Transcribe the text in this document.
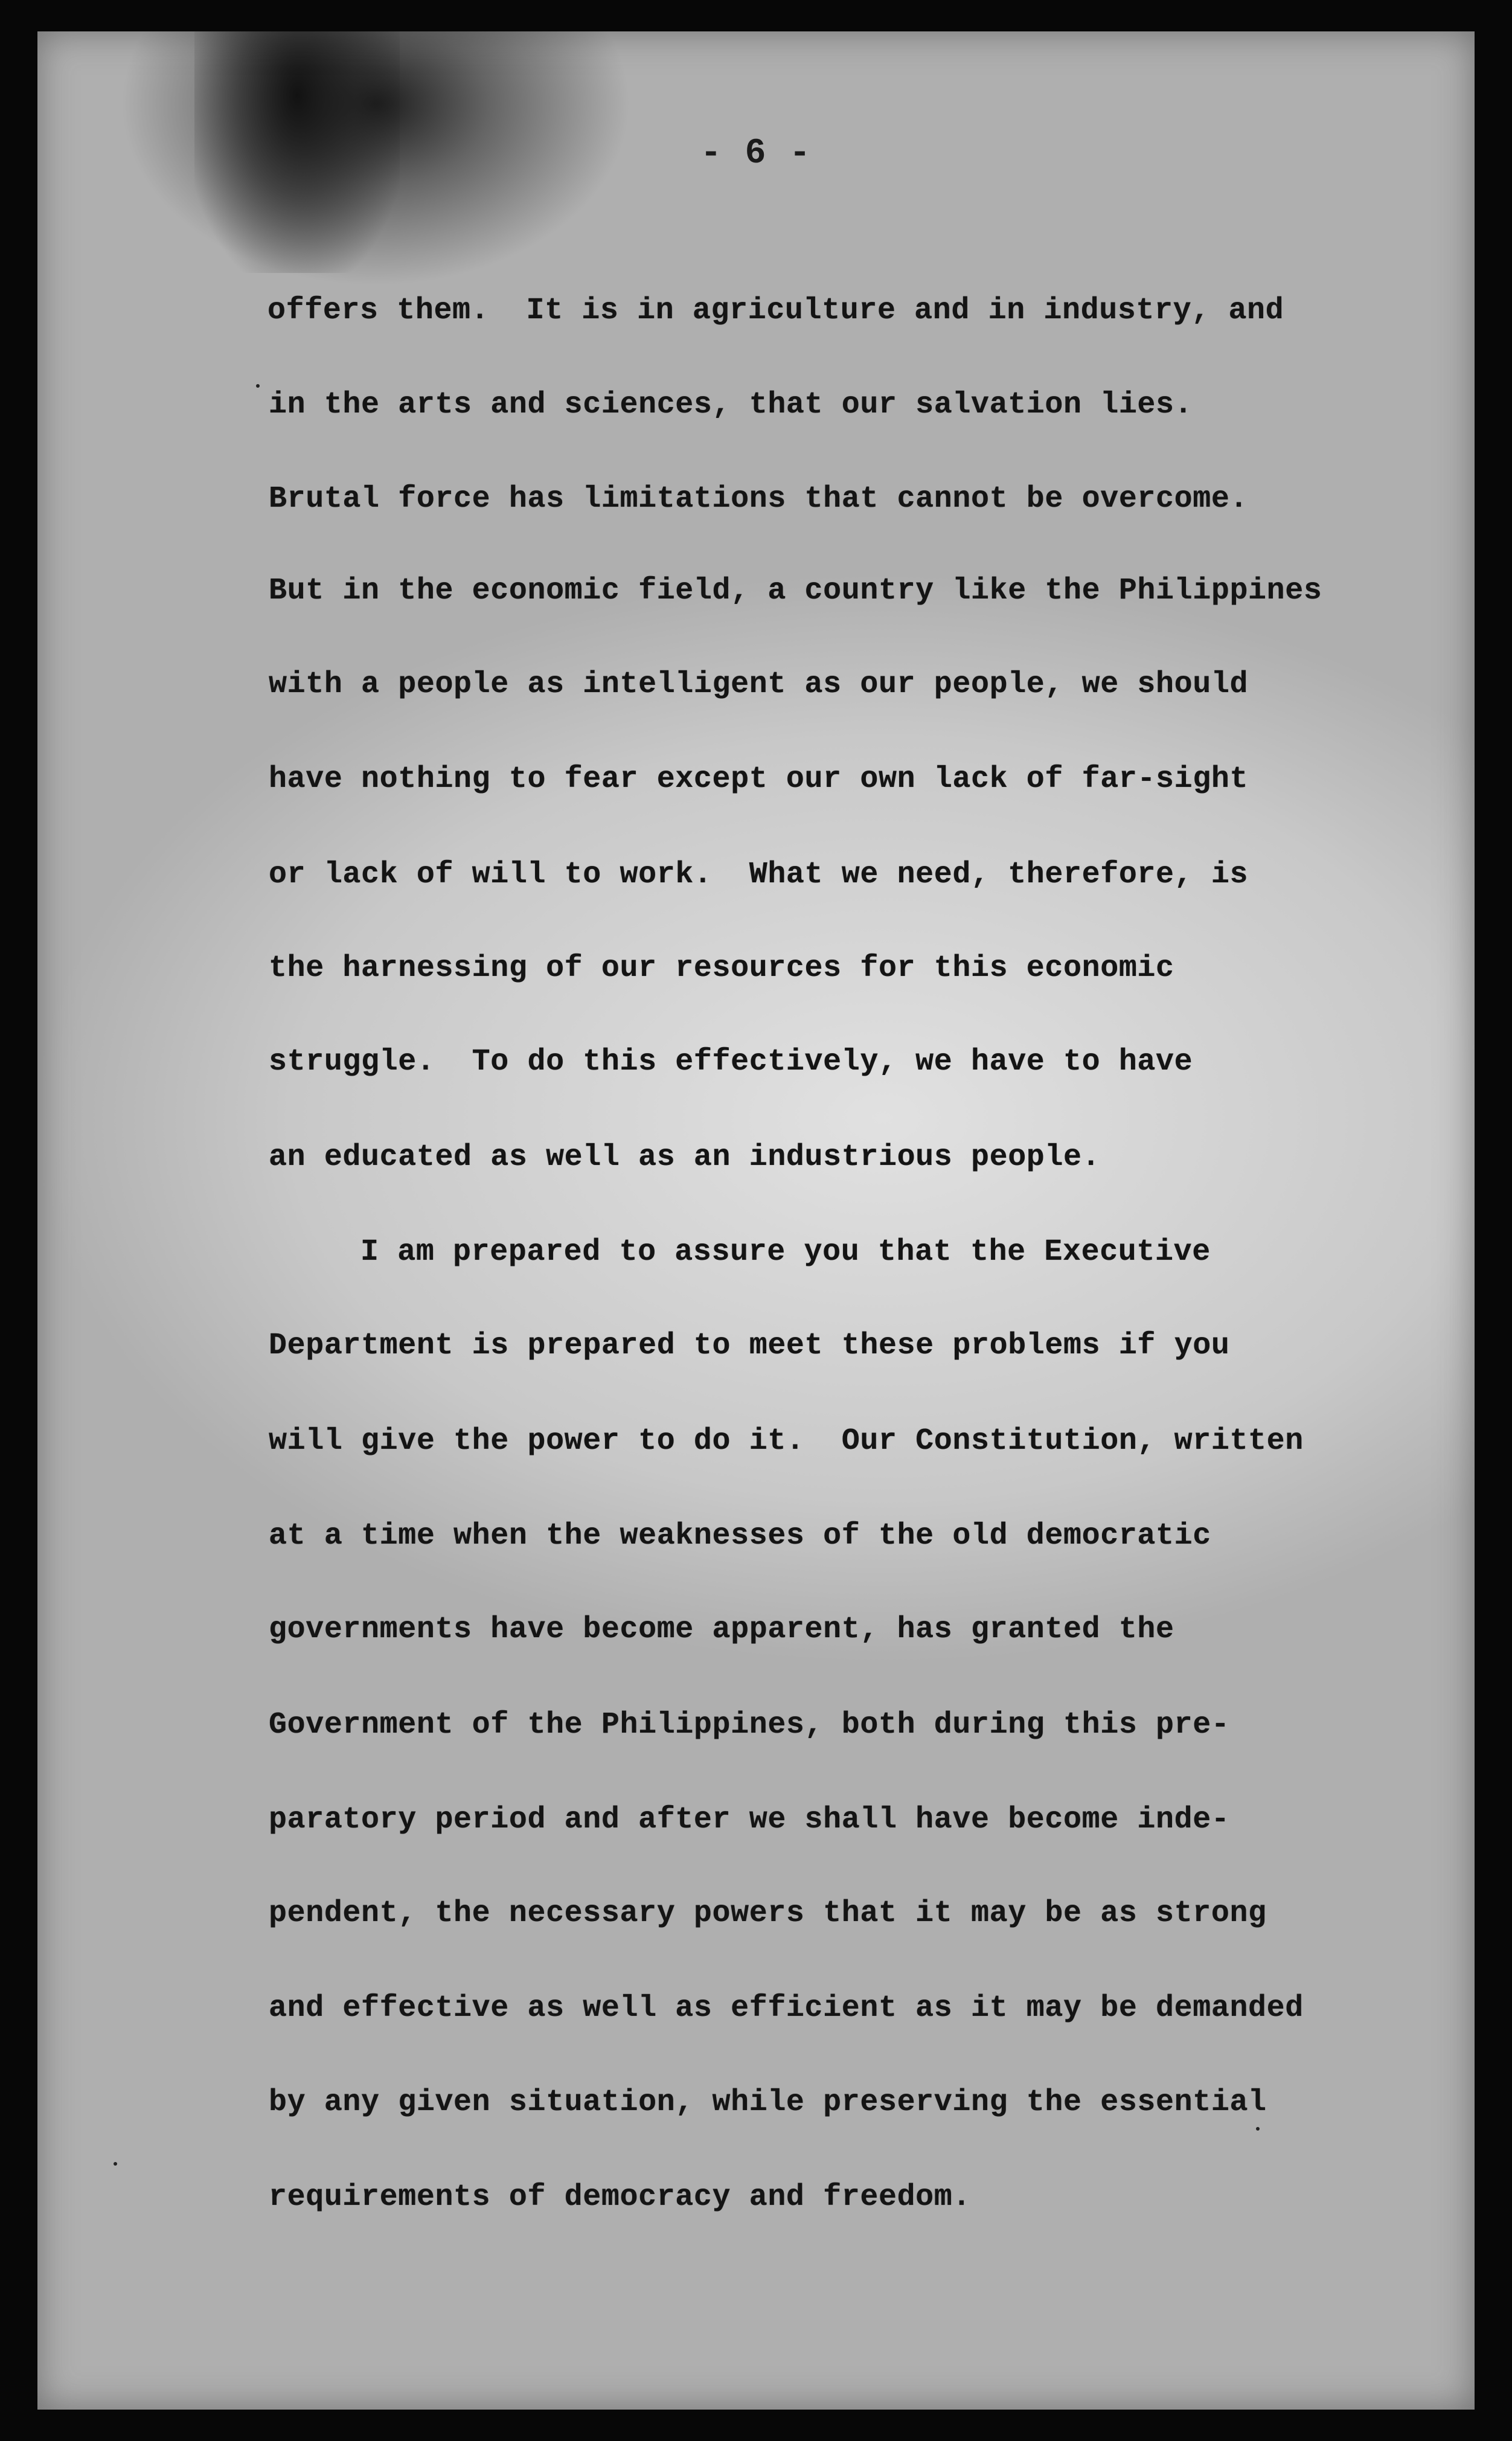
- 6 -
offers them.  It is in agriculture and in industry, and
in the arts and sciences, that our salvation lies.
Brutal force has limitations that cannot be overcome.
But in the economic field, a country like the Philippines
with a people as intelligent as our people, we should
have nothing to fear except our own lack of far-sight
or lack of will to work.  What we need, therefore, is
the harnessing of our resources for this economic
struggle.  To do this effectively, we have to have
an educated as well as an industrious people.
I am prepared to assure you that the Executive
Department is prepared to meet these problems if you
will give the power to do it.  Our Constitution, written
at a time when the weaknesses of the old democratic
governments have become apparent, has granted the
Government of the Philippines, both during this pre-
paratory period and after we shall have become inde-
pendent, the necessary powers that it may be as strong
and effective as well as efficient as it may be demanded
by any given situation, while preserving the essential
requirements of democracy and freedom.
